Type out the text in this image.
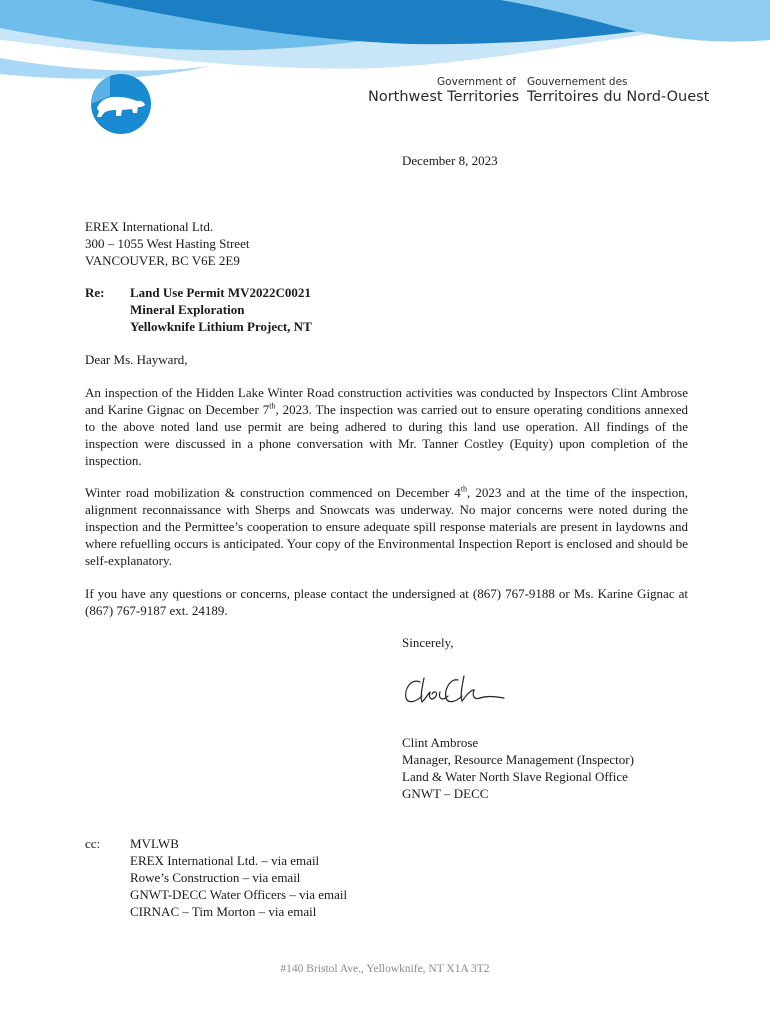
Government of
Northwest Territories
Gouvernement des
Territoires du Nord-Ouest
December 8, 2023
EREX International Ltd.
300 – 1055 West Hasting Street
VANCOUVER, BC V6E 2E9
Re: Land Use Permit MV2022C0021
Mineral Exploration
Yellowknife Lithium Project, NT
Dear Ms. Hayward,
An inspection of the Hidden Lake Winter Road construction activities was conducted by Inspectors Clint Ambrose and Karine Gignac on December 7th, 2023. The inspection was carried out to ensure operating conditions annexed to the above noted land use permit are being adhered to during this land use operation. All findings of the inspection were discussed in a phone conversation with Mr. Tanner Costley (Equity) upon completion of the inspection.
Winter road mobilization & construction commenced on December 4th, 2023 and at the time of the inspection, alignment reconnaissance with Sherps and Snowcats was underway. No major concerns were noted during the inspection and the Permittee’s cooperation to ensure adequate spill response materials are present in laydowns and where refuelling occurs is anticipated. Your copy of the Environmental Inspection Report is enclosed and should be self-explanatory.
If you have any questions or concerns, please contact the undersigned at (867) 767-9188 or Ms. Karine Gignac at (867) 767-9187 ext. 24189.
Sincerely,
Clint Ambrose
Manager, Resource Management (Inspector)
Land & Water North Slave Regional Office
GNWT – DECC
cc: MVLWB
EREX International Ltd. – via email
Rowe’s Construction – via email
GNWT-DECC Water Officers – via email
CIRNAC – Tim Morton – via email
#140 Bristol Ave., Yellowknife, NT X1A 3T2
